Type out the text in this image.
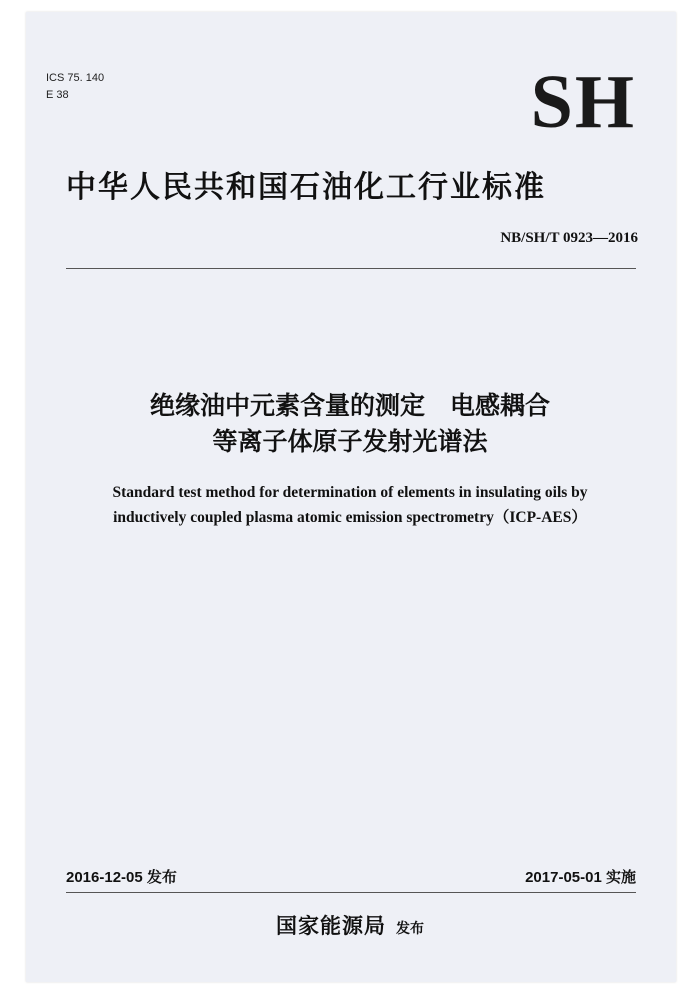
ICS 75. 140
E 38	SH
中华人民共和国石油化工行业标准
NB/SH/T 0923—2016
绝缘油中元素含量的测定　电感耦合
等离子体原子发射光谱法
Standard test method for determination of elements in insulating oils by
inductively coupled plasma atomic emission spectrometry（ICP-AES）
2016-12-05 发布	2017-05-01 实施
国家能源局 发布
